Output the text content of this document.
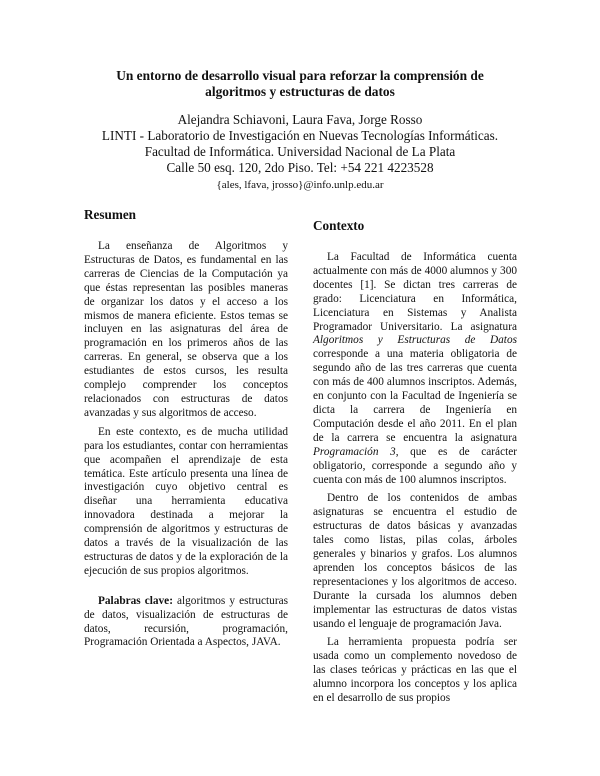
Un entorno de desarrollo visual para reforzar la comprensión de algoritmos y estructuras de datos
Alejandra Schiavoni, Laura Fava, Jorge Rosso
LINTI - Laboratorio de Investigación en Nuevas Tecnologías Informáticas.
Facultad de Informática. Universidad Nacional de La Plata
Calle 50 esq. 120, 2do Piso. Tel: +54 221 4223528
{ales, lfava, jrosso}@info.unlp.edu.ar
Resumen

La enseñanza de Algoritmos y Estructuras de Datos, es fundamental en las carreras de Ciencias de la Computación ya que éstas representan las posibles maneras de organizar los datos y el acceso a los mismos de manera eficiente. Estos temas se incluyen en las asignaturas del área de programación en los primeros años de las carreras. En general, se observa que a los estudiantes de estos cursos, les resulta complejo comprender los conceptos relacionados con estructuras de datos avanzadas y sus algoritmos de acceso.

En este contexto, es de mucha utilidad para los estudiantes, contar con herramientas que acompañen el aprendizaje de esta temática. Este artículo presenta una línea de investigación cuyo objetivo central es diseñar una herramienta educativa innovadora destinada a mejorar la comprensión de algoritmos y estructuras de datos a través de la visualización de las estructuras de datos y de la exploración de la ejecución de sus propios algoritmos.

Palabras clave: algoritmos y estructuras de datos, visualización de estructuras de datos, recursión, programación, Programación Orientada a Aspectos, JAVA.

Contexto

La Facultad de Informática cuenta actualmente con más de 4000 alumnos y 300 docentes [1]. Se dictan tres carreras de grado: Licenciatura en Informática, Licenciatura en Sistemas y Analista Programador Universitario. La asignatura Algoritmos y Estructuras de Datos corresponde a una materia obligatoria de segundo año de las tres carreras que cuenta con más de 400 alumnos inscriptos. Además, en conjunto con la Facultad de Ingeniería se dicta la carrera de Ingeniería en Computación desde el año 2011. En el plan de la carrera se encuentra la asignatura Programación 3, que es de carácter obligatorio, corresponde a segundo año y cuenta con más de 100 alumnos inscriptos.

Dentro de los contenidos de ambas asignaturas se encuentra el estudio de estructuras de datos básicas y avanzadas tales como listas, pilas colas, árboles generales y binarios y grafos. Los alumnos aprenden los conceptos básicos de las representaciones y los algoritmos de acceso. Durante la cursada los alumnos deben implementar las estructuras de datos vistas usando el lenguaje de programación Java.

La herramienta propuesta podría ser usada como un complemento novedoso de las clases teóricas y prácticas en las que el alumno incorpora los conceptos y los aplica en el desarrollo de sus propios
